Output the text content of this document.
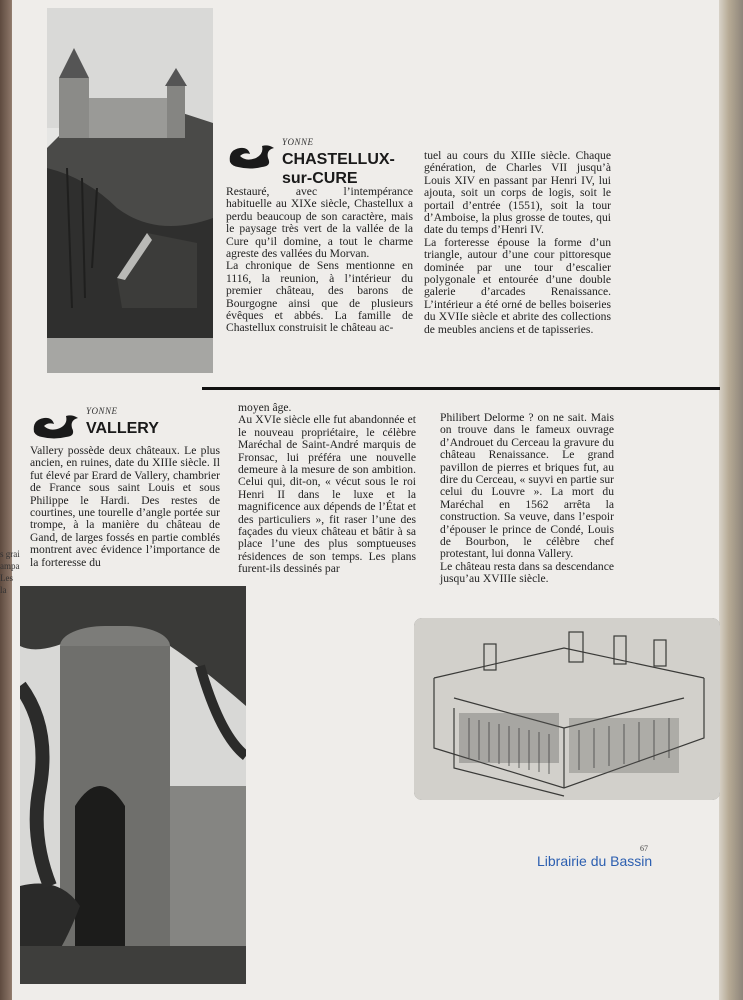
s grai
ampa
Les
la
YONNE
CHASTELLUX-
sur-CURE

Restauré, avec l’intempérance habituelle au XIXe siècle, Chastellux a perdu beaucoup de son caractère, mais le paysage très vert de la vallée de la Cure qu’il domine, a tout le charme agreste des vallées du Morvan.

La chronique de Sens mentionne en 1116, la reunion, à l’intérieur du premier château, des barons de Bourgogne ainsi que de plusieurs évêques et abbés. La famille de Chastellux construisit le château ac-

tuel au cours du XIIIe siècle. Chaque génération, de Charles VII jusqu’à Louis XIV en passant par Henri IV, lui ajouta, soit un corps de logis, soit le portail d’entrée (1551), soit la tour d’Amboise, la plus grosse de toutes, qui date du temps d’Henri IV.

La forteresse épouse la forme d’un triangle, autour d’une cour pittoresque dominée par une tour d’escalier polygonale et entourée d’une double galerie d’arcades Renaissance. L’intérieur a été orné de belles boiseries du XVIIe siècle et abrite des collections de meubles anciens et de tapisseries.

YONNE
VALLERY

Vallery possède deux châteaux. Le plus ancien, en ruines, date du XIIIe siècle. Il fut élevé par Erard de Vallery, chambrier de France sous saint Louis et sous Philippe le Hardi. Des restes de courtines, une tourelle d’angle portée sur trompe, à la manière du château de Gand, de larges fossés en partie comblés montrent avec évidence l’importance de la forteresse du

moyen âge.

Au XVIe siècle elle fut abandonnée et le nouveau propriétaire, le célèbre Maréchal de Saint-André marquis de Fronsac, lui préféra une nouvelle demeure à la mesure de son ambition. Celui qui, dit-on, « vécut sous le roi Henri II dans le luxe et la magnificence aux dépends de l’État et des particuliers », fit raser l’une des façades du vieux château et bâtir à sa place l’une des plus somptueuses résidences de son temps. Les plans furent-ils dessinés par

Philibert Delorme ? on ne sait. Mais on trouve dans le fameux ouvrage d’Androuet du Cerceau la gravure du château Renaissance. Le grand pavillon de pierres et briques fut, au dire du Cerceau, « suyvi en partie sur celui du Louvre ». La mort du Maréchal en 1562 arrêta la construction. Sa veuve, dans l’espoir d’épouser le prince de Condé, Louis de Bourbon, le célèbre chef protestant, lui donna Vallery.

Le château resta dans sa descendance jusqu’au XVIIIe siècle.

67
Librairie du Bassin
